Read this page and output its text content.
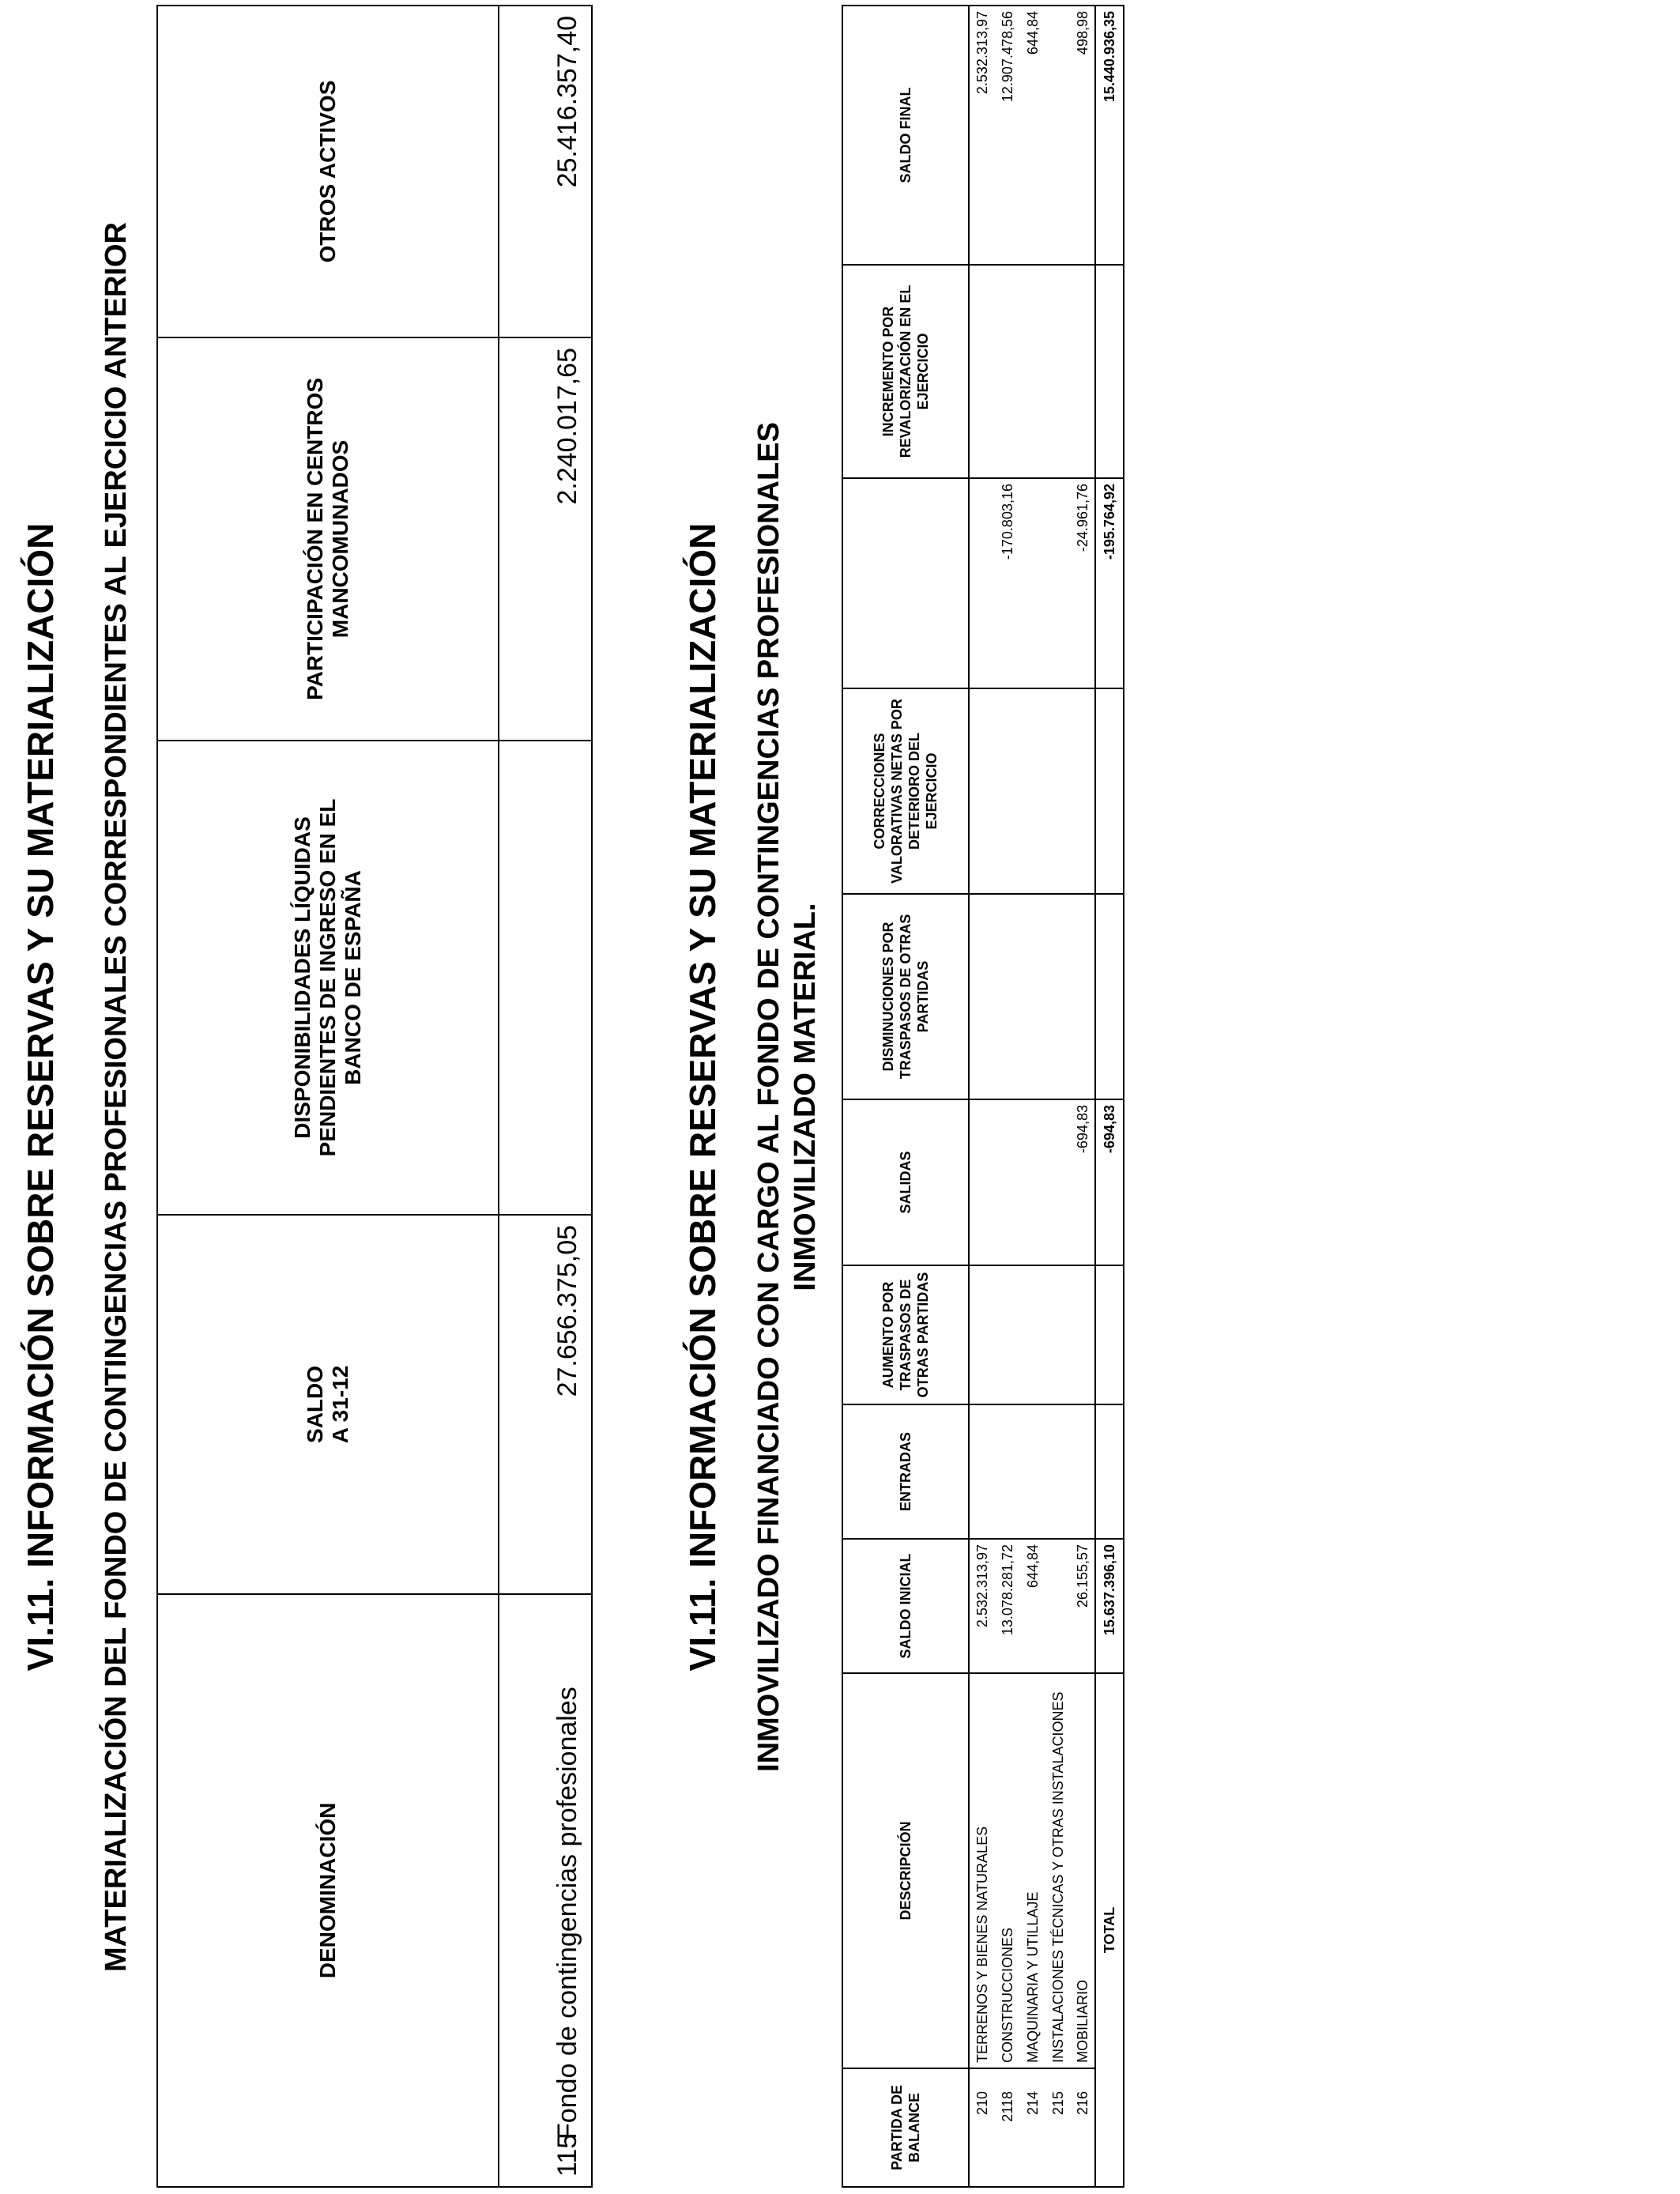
VI.11. INFORMACIÓN SOBRE RESERVAS Y SU MATERIALIZACIÓN MATERIALIZACIÓN DEL FONDO DE CONTINGENCIAS PROFESIONALES CORRESPONDIENTES AL EJERCICIO ANTERIOR	DENOMINACIÓN		SALDO A 31-12	DISPONIBILIDADES LÍQUIDAS PENDIENTES DE INGRESO EN EL BANCO DE ESPAÑA	PARTICIPACIÓN EN CENTROS MANCOMUNADOS	OTROS ACTIVOS
115	Fondo de contingencias profesionales	27.656.375,05		2.240.017,65	25.416.357,40
VI.11. INFORMACIÓN SOBRE RESERVAS Y SU MATERIALIZACIÓN INMOVILIZADO FINANCIADO CON CARGO AL FONDO DE CONTINGENCIAS PROFESIONALES INMOVILIZADO MATERIAL.
PARTIDA DE BALANCE	DESCRIPCIÓN	SALDO INICIAL	ENTRADAS	AUMENTO POR TRASPASOS DE OTRAS PARTIDAS	SALIDAS	DISMINUCIONES POR TRASPASOS DE OTRAS PARTIDAS	CORRECCIONES VALORATIVAS NETAS POR DETERIORO DEL EJERCICIO		INCREMENTO POR REVALORIZACIÓN EN EL EJERCICIO	SALDO FINAL
210	TERRENOS Y BIENES NATURALES	2.532.313,97								2.532.313,97
2118	CONSTRUCCIONES	13.078.281,72						-170.803,16		12.907.478,56
214	MAQUINARIA Y UTILLAJE	644,84								644,84
215	INSTALACIONES TÉCNICAS Y OTRAS INSTALACIONES									
216	MOBILIARIO	26.155,57			-694,83			-24.961,76		498,98
TOTAL		15.637.396,10			-694,83			-195.764,92		15.440.936,35
